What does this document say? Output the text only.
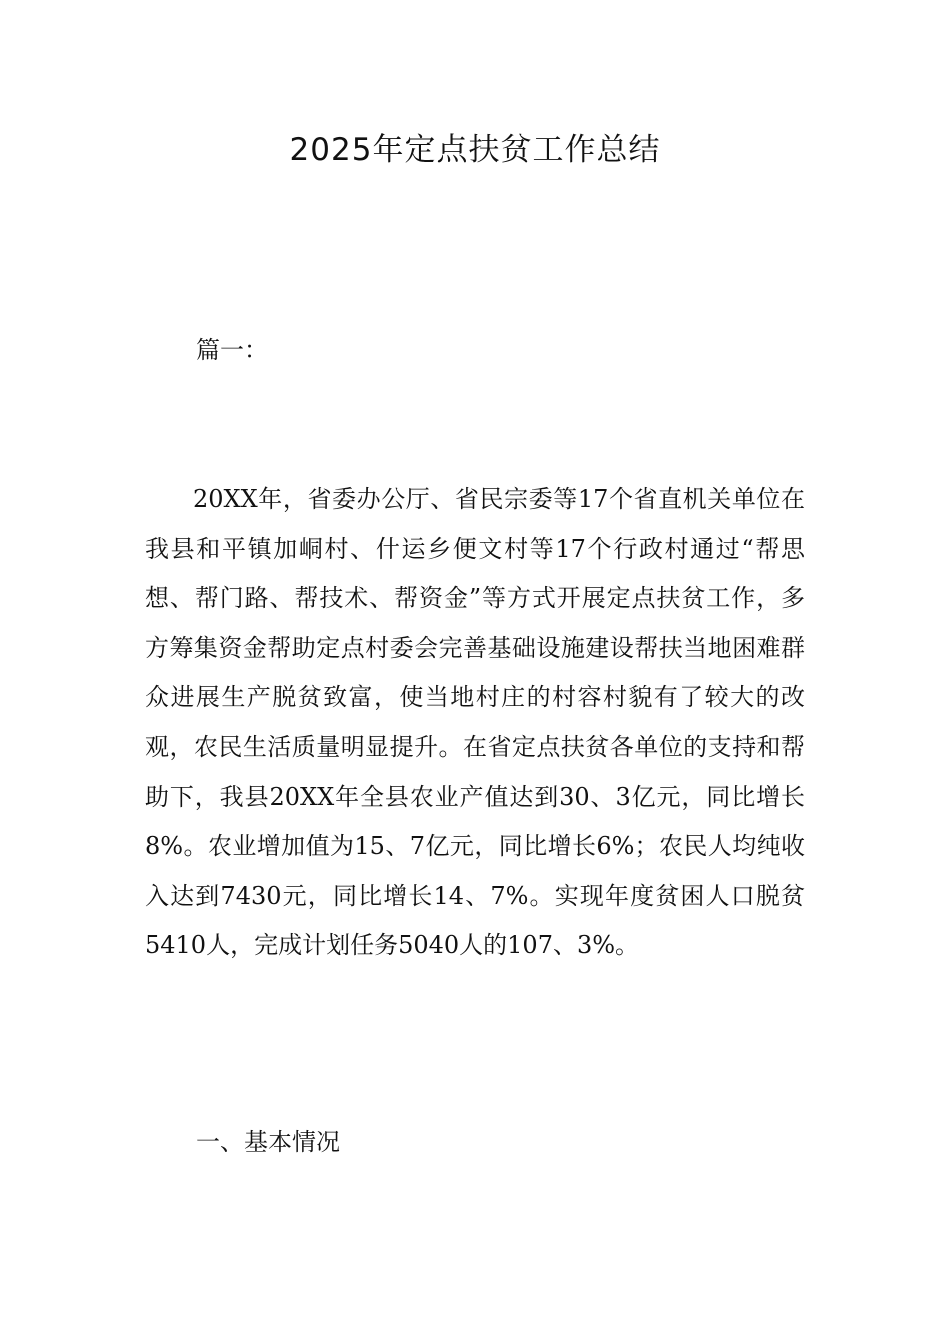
2025年定点扶贫工作总结

篇一：

20XX年，省委办公厅、省民宗委等17个省直机关单位在我县和平镇加峒村、什运乡便文村等17个行政村通过“帮思想、帮门路、帮技术、帮资金”等方式开展定点扶贫工作，多方筹集资金帮助定点村委会完善基础设施建设帮扶当地困难群众进展生产脱贫致富，使当地村庄的村容村貌有了较大的改观，农民生活质量明显提升。在省定点扶贫各单位的支持和帮助下，我县20XX年全县农业产值达到30、3亿元，同比增长8%。农业增加值为15、7亿元，同比增长6%；农民人均纯收入达到7430元，同比增长14、7%。实现年度贫困人口脱贫5410人，完成计划任务5040人的107、3%。

一、基本情况
